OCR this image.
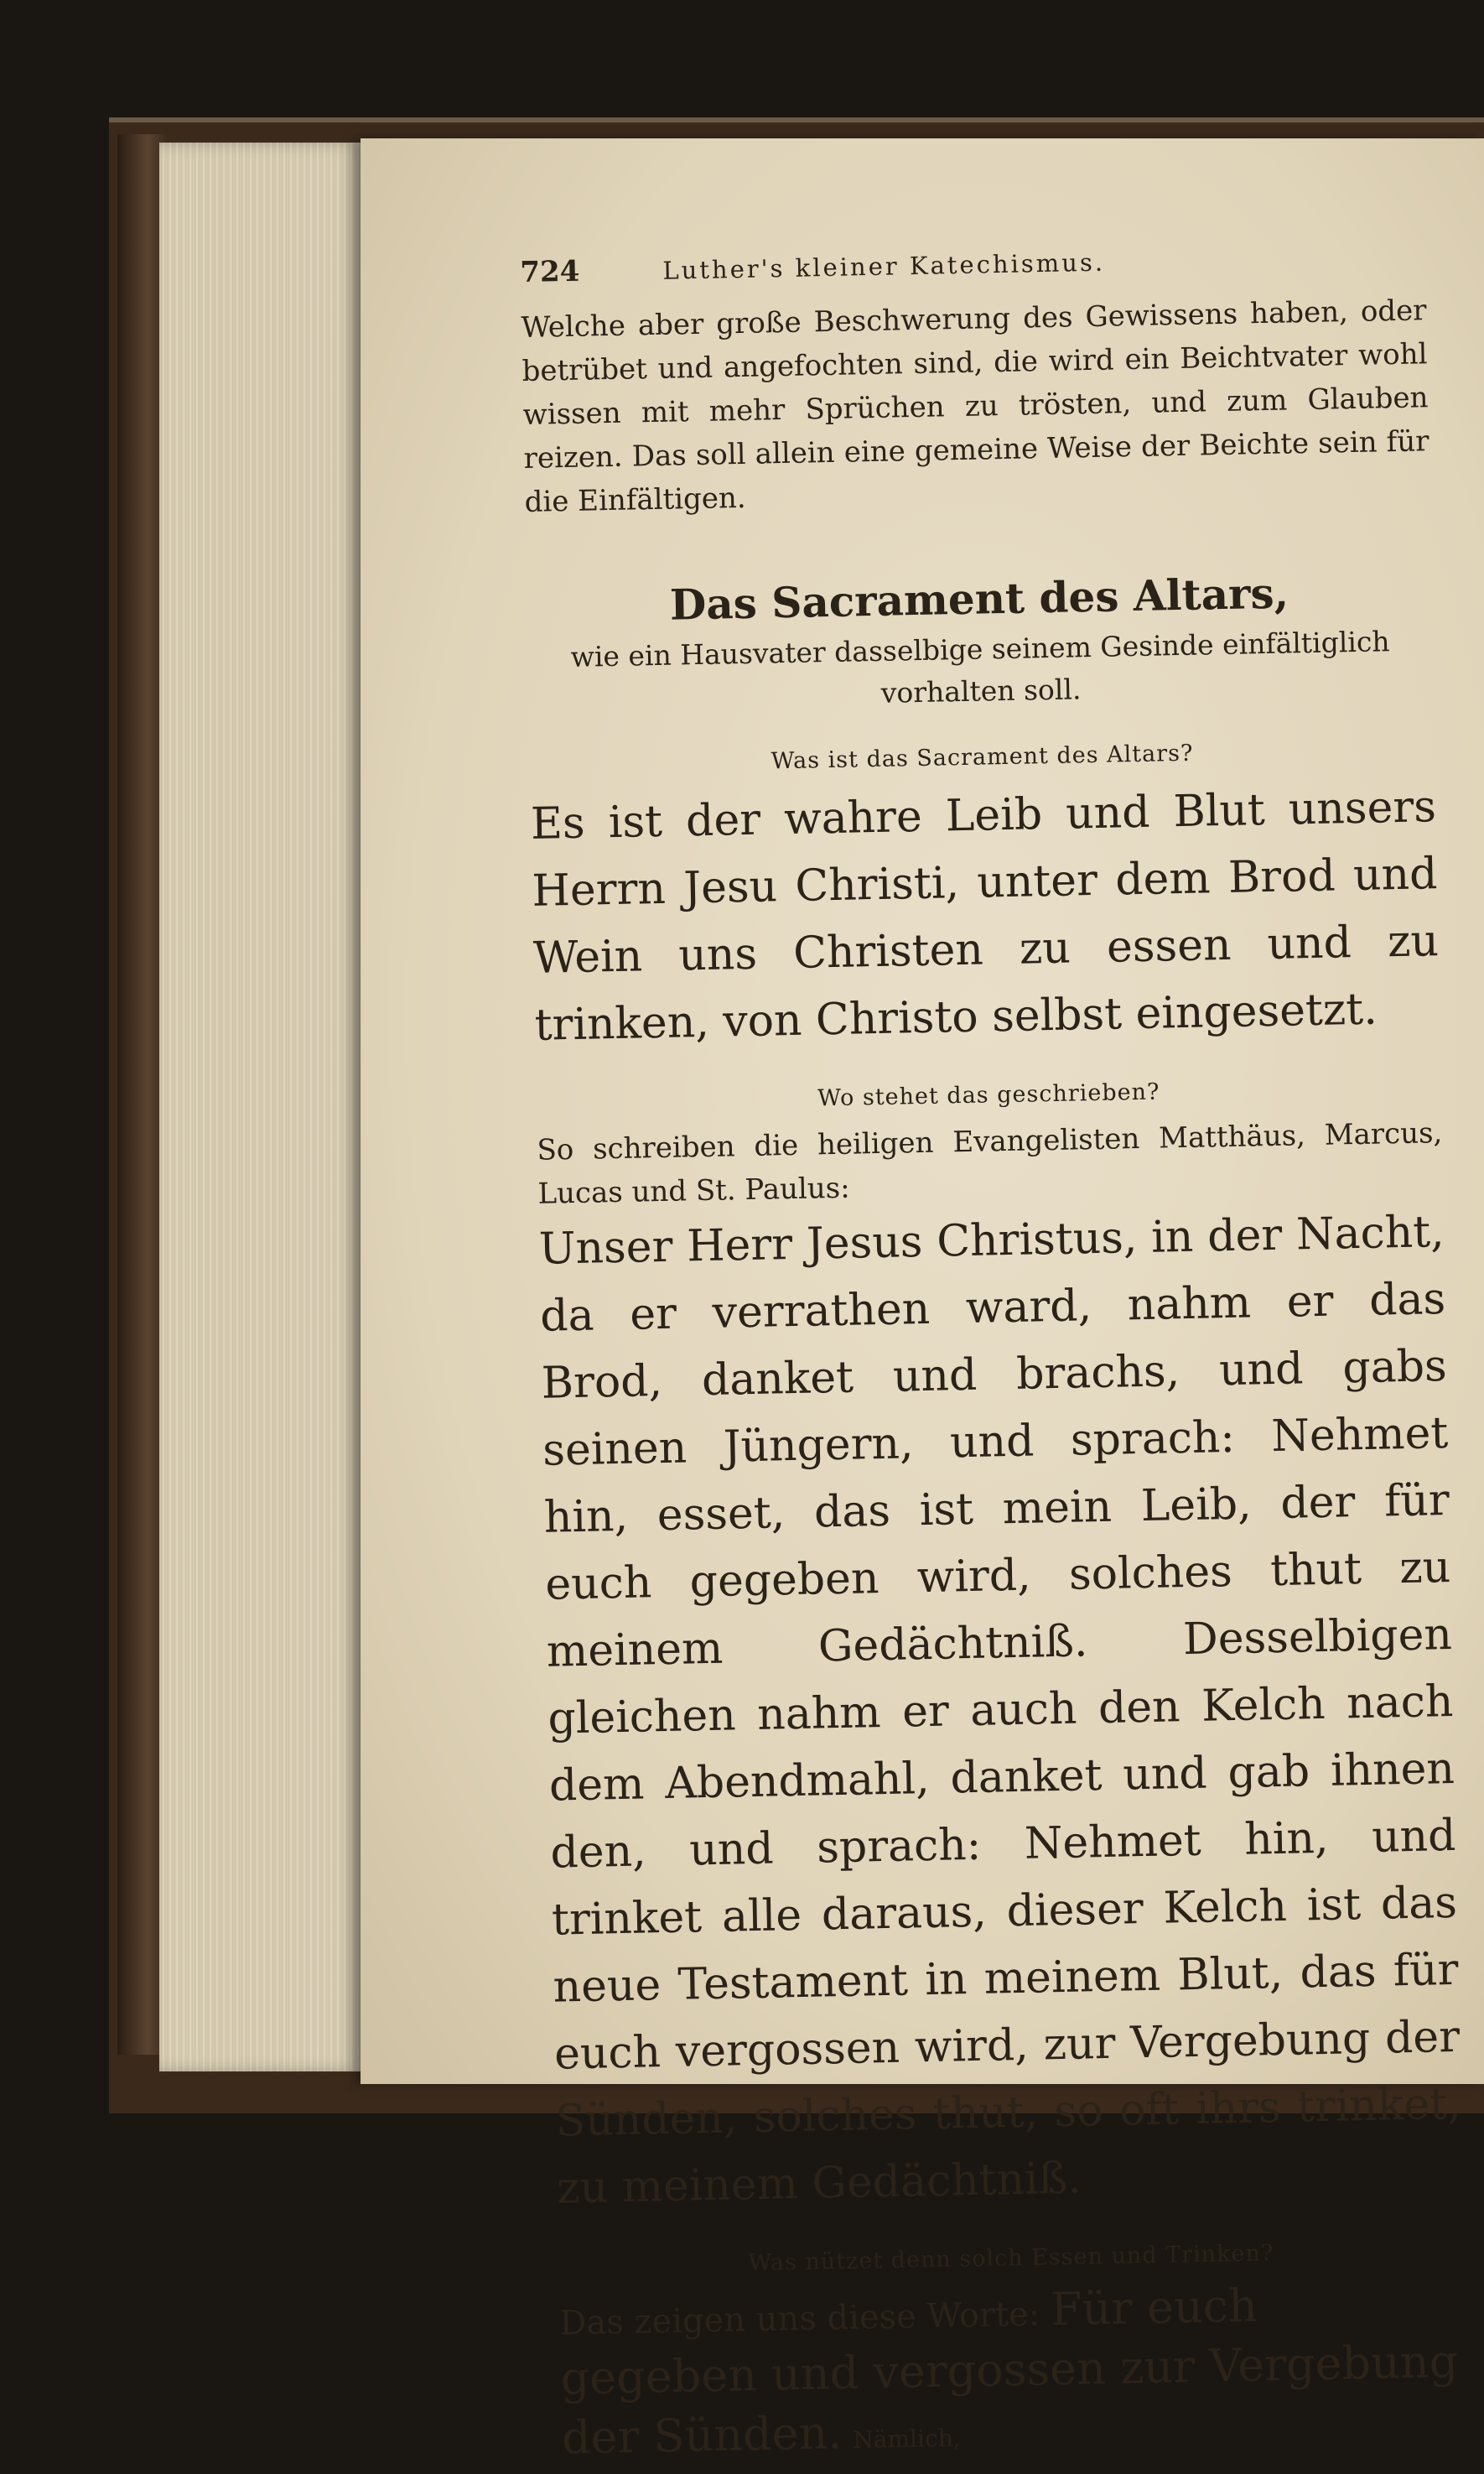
724	Luther's kleiner Katechismus.

Welche aber große Beschwerung des Gewissens haben, oder betrübet und angefochten sind, die wird ein Beichtvater wohl wissen mit mehr Sprüchen zu trösten, und zum Glauben reizen. Das soll allein eine gemeine Weise der Beichte sein für die Einfältigen.

Das Sacrament des Altars,

wie ein Hausvater dasselbige seinem Gesinde einfältiglich vorhalten soll.

Was ist das Sacrament des Altars?

Es ist der wahre Leib und Blut unsers Herrn Jesu Christi, unter dem Brod und Wein uns Christen zu essen und zu trinken, von Christo selbst eingesetzt.

Wo stehet das geschrieben?

So schreiben die heiligen Evangelisten Matthäus, Marcus, Lucas und St. Paulus:

Unser Herr Jesus Christus, in der Nacht, da er verrathen ward, nahm er das Brod, danket und brachs, und gabs seinen Jüngern, und sprach: Nehmet hin, esset, das ist mein Leib, der für euch gegeben wird, solches thut zu meinem Gedächtniß. Desselbigen gleichen nahm er auch den Kelch nach dem Abendmahl, danket und gab ihnen den, und sprach: Nehmet hin, und trinket alle daraus, dieser Kelch ist das neue Testament in meinem Blut, das für euch vergossen wird, zur Vergebung der Sünden, solches thut, so oft ihrs trinket, zu meinem Gedächtniß.

Was nützet denn solch Essen und Trinken?

Das zeigen uns diese Worte: Für euch gegeben und vergossen zur Vergebung der Sünden. Nämlich,
